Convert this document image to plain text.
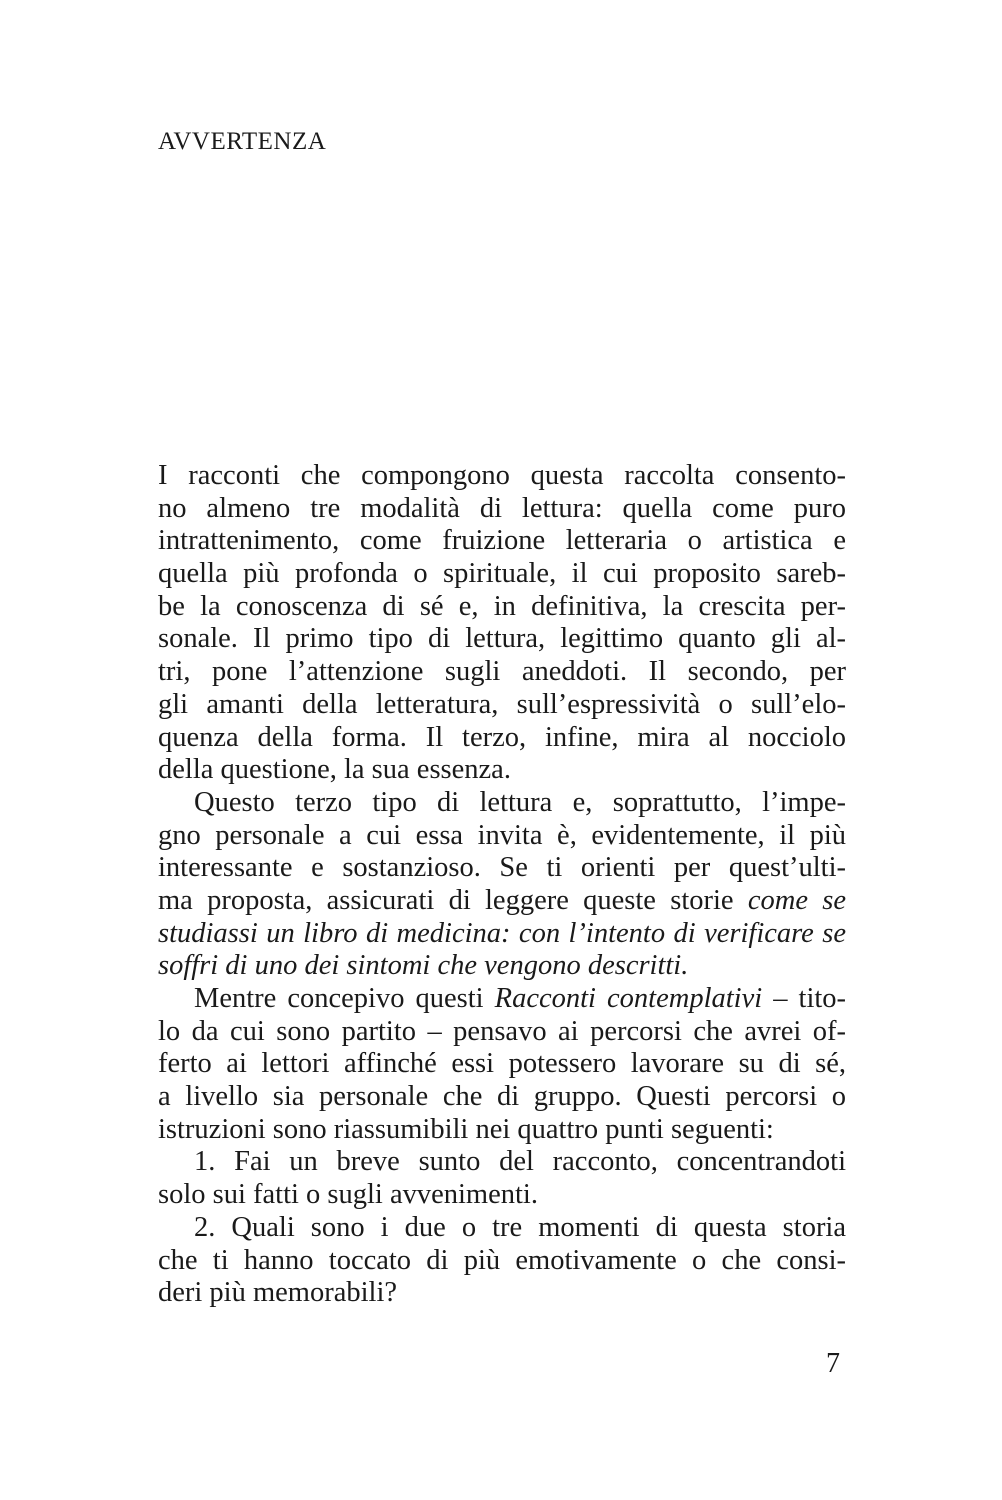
AVVERTENZA
I racconti che compongono questa raccolta consento-
no almeno tre modalità di lettura: quella come puro
intrattenimento, come fruizione letteraria o artistica e
quella più profonda o spirituale, il cui proposito sareb-
be la conoscenza di sé e, in definitiva, la crescita per-
sonale. Il primo tipo di lettura, legittimo quanto gli al-
tri, pone l’attenzione sugli aneddoti. Il secondo, per
gli amanti della letteratura, sull’espressività o sull’elo-
quenza della forma. Il terzo, infine, mira al nocciolo
della questione, la sua essenza.
Questo terzo tipo di lettura e, soprattutto, l’impe-
gno personale a cui essa invita è, evidentemente, il più
interessante e sostanzioso. Se ti orienti per quest’ulti-
ma proposta, assicurati di leggere queste storie come se
studiassi un libro di medicina: con l’intento di verificare se
soffri di uno dei sintomi che vengono descritti.
Mentre concepivo questi Racconti contemplativi – tito-
lo da cui sono partito – pensavo ai percorsi che avrei of-
ferto ai lettori affinché essi potessero lavorare su di sé,
a livello sia personale che di gruppo. Questi percorsi o
istruzioni sono riassumibili nei quattro punti seguenti:
1. Fai un breve sunto del racconto, concentrandoti
solo sui fatti o sugli avvenimenti.
2. Quali sono i due o tre momenti di questa storia
che ti hanno toccato di più emotivamente o che consi-
deri più memorabili?
7
